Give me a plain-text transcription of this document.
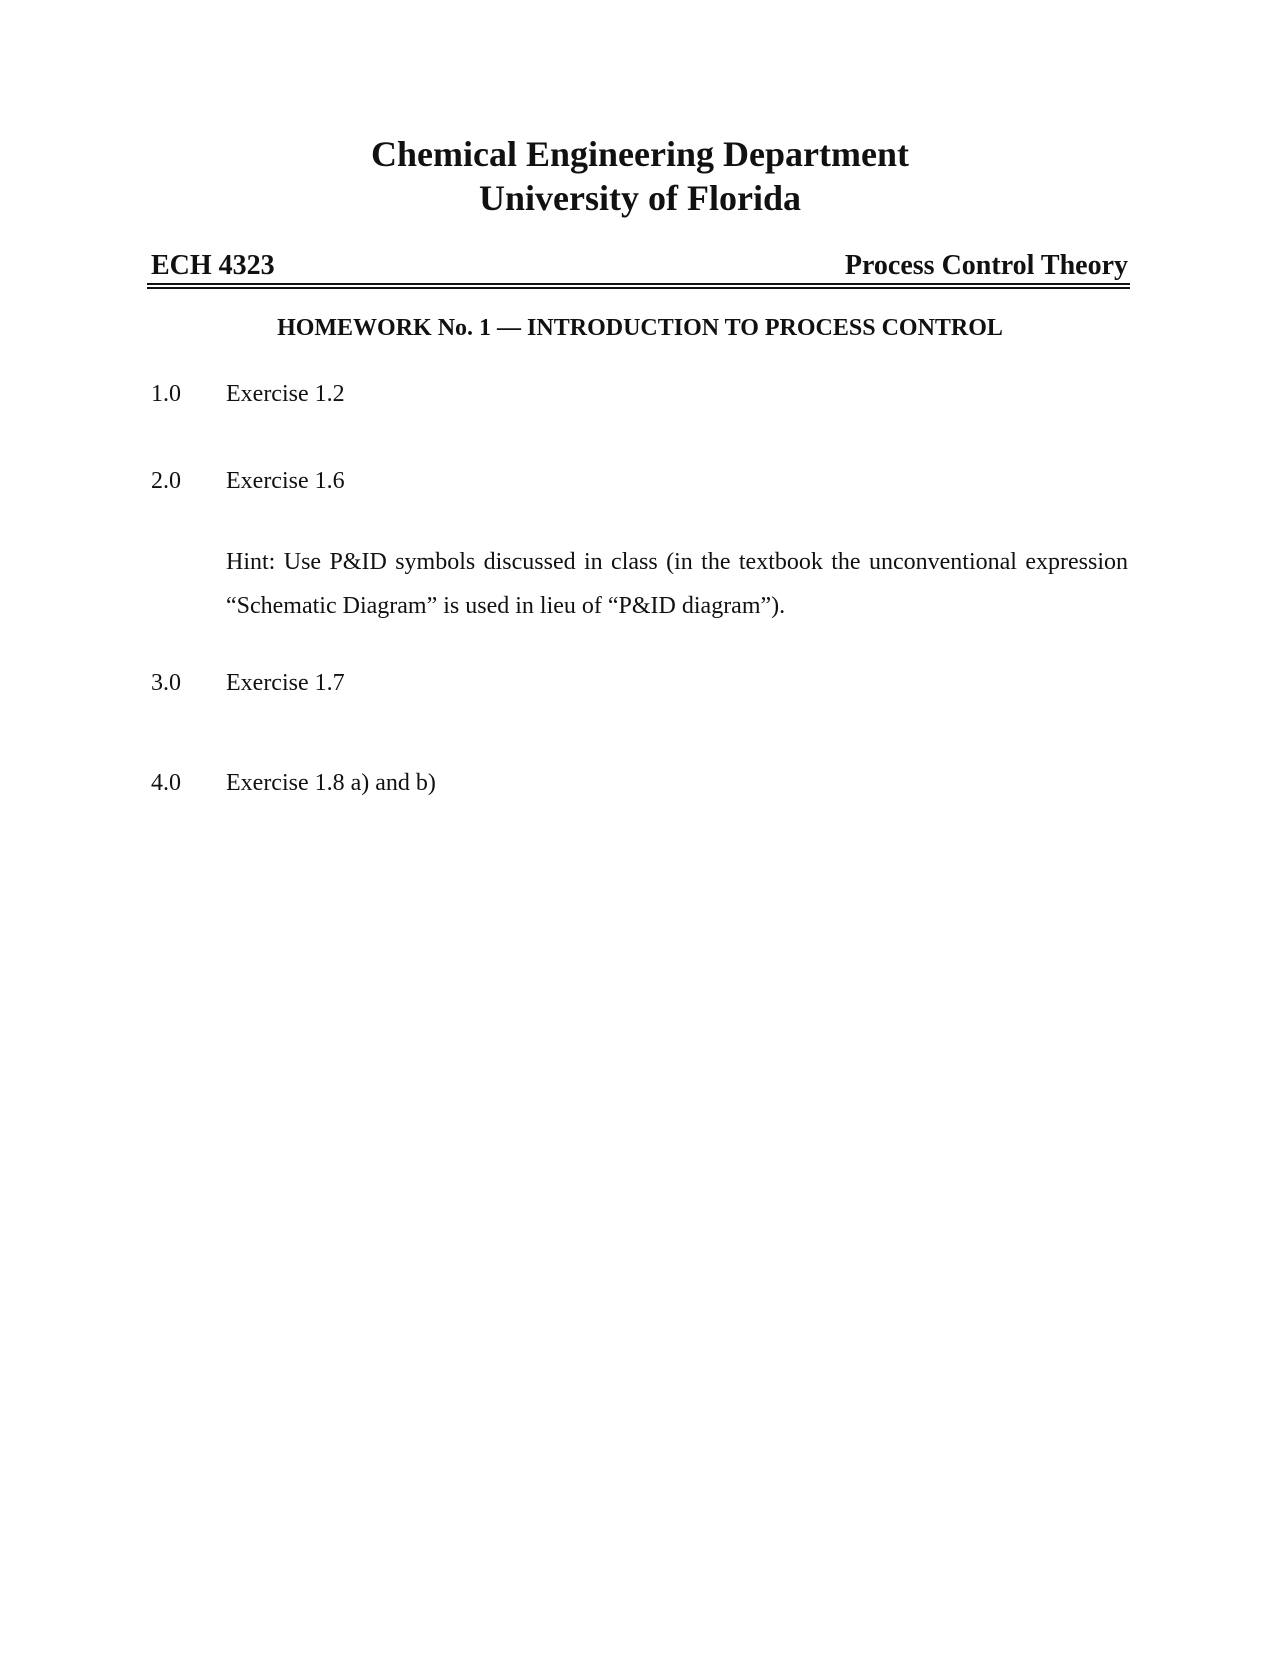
Chemical Engineering Department
University of Florida
ECH 4323	Process Control Theory
HOMEWORK No. 1 — INTRODUCTION TO PROCESS CONTROL
1.0 Exercise 1.2
2.0 Exercise 1.6
Hint: Use P&ID symbols discussed in class (in the textbook the unconventional expression “Schematic Diagram” is used in lieu of “P&ID diagram”).
3.0 Exercise 1.7
4.0 Exercise 1.8 a) and b)
